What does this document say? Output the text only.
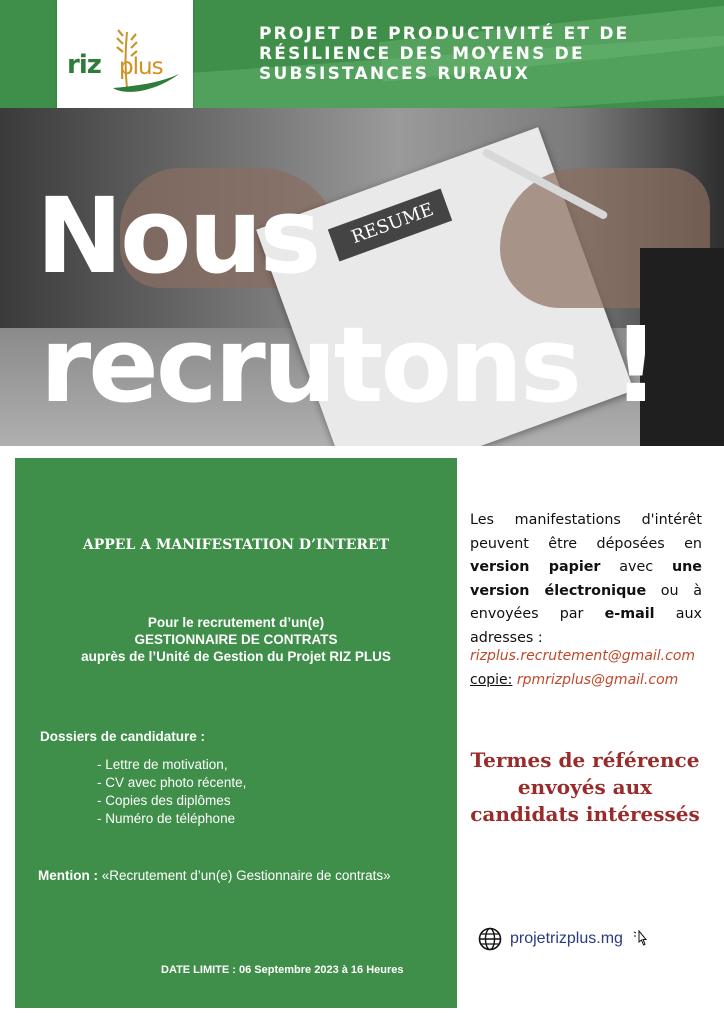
PROJET DE PRODUCTIVITÉ ET DE
RÉSILIENCE DES MOYENS DE
SUBSISTANCES RURAUX
riz plus
RESUME
Nous
recrutons !
APPEL A MANIFESTATION D’INTERET
Pour le recrutement d’un(e)
GESTIONNAIRE DE CONTRATS
auprès de l’Unité de Gestion du Projet RIZ PLUS
Dossiers de candidature :
- Lettre de motivation,
- CV avec photo récente,
- Copies des diplômes
- Numéro de téléphone
Mention : «Recrutement d’un(e) Gestionnaire de contrats»
DATE LIMITE : 06 Septembre 2023 à 16 Heures
Les manifestations d'intérêt peuvent être déposées en version papier avec une version électronique ou à envoyées par e-mail aux adresses :
rizplus.recrutement@gmail.com
copie: rpmrizplus@gmail.com
Termes de référence
envoyés aux
candidats intéressés
projetrizplus.mg
